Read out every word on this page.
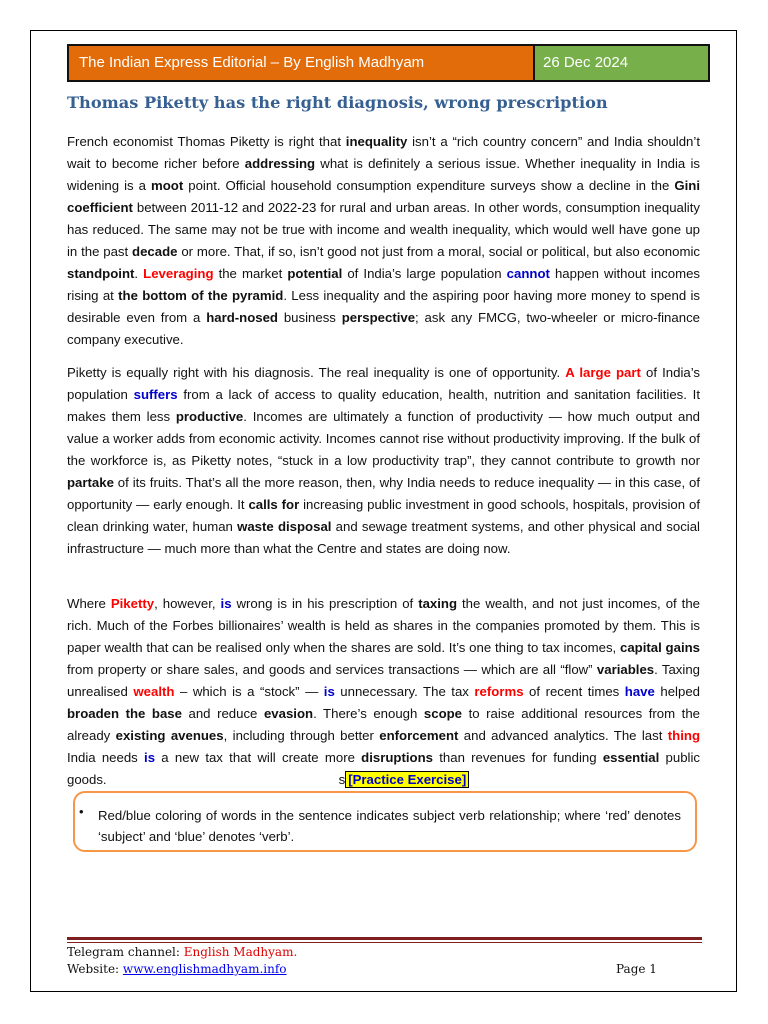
The Indian Express Editorial – By English Madhyam	26 Dec 2024
Thomas Piketty has the right diagnosis, wrong prescription

French economist Thomas Piketty is right that inequality isn’t a “rich country concern” and India shouldn’t wait to become richer before addressing what is definitely a serious issue. Whether inequality in India is widening is a moot point. Official household consumption expenditure surveys show a decline in the Gini coefficient between 2011-12 and 2022-23 for rural and urban areas. In other words, consumption inequality has reduced. The same may not be true with income and wealth inequality, which would well have gone up in the past decade or more. That, if so, isn’t good not just from a moral, social or political, but also economic standpoint. Leveraging the market potential of India’s large population cannot happen without incomes rising at the bottom of the pyramid. Less inequality and the aspiring poor having more money to spend is desirable even from a hard-nosed business perspective; ask any FMCG, two-wheeler or micro-finance company executive.

Piketty is equally right with his diagnosis. The real inequality is one of opportunity. A large part of India’s population suffers from a lack of access to quality education, health, nutrition and sanitation facilities. It makes them less productive. Incomes are ultimately a function of productivity — how much output and value a worker adds from economic activity. Incomes cannot rise without productivity improving. If the bulk of the workforce is, as Piketty notes, “stuck in a low productivity trap”, they cannot contribute to growth nor partake of its fruits. That’s all the more reason, then, why India needs to reduce inequality — in this case, of opportunity — early enough. It calls for increasing public investment in good schools, hospitals, provision of clean drinking water, human waste disposal and sewage treatment systems, and other physical and social infrastructure — much more than what the Centre and states are doing now.

Where Piketty, however, is wrong is in his prescription of taxing the wealth, and not just incomes, of the rich. Much of the Forbes billionaires’ wealth is held as shares in the companies promoted by them. This is paper wealth that can be realised only when the shares are sold. It’s one thing to tax incomes, capital gains from property or share sales, and goods and services transactions — which are all “flow” variables. Taxing unrealised wealth – which is a “stock” — is unnecessary. The tax reforms of recent times have helped broaden the base and reduce evasion. There’s enough scope to raise additional resources from the already existing avenues, including through better enforcement and advanced analytics. The last thing India needs is a new tax that will create more disruptions than revenues for funding essential public goods.	s [Practice Exercise]

• Red/blue coloring of words in the sentence indicates subject verb relationship; where ‘red’ denotes ‘subject’ and ‘blue’ denotes ‘verb’.
Telegram channel: English Madhyam.
Website: www.englishmadhyam.info	Page 1
